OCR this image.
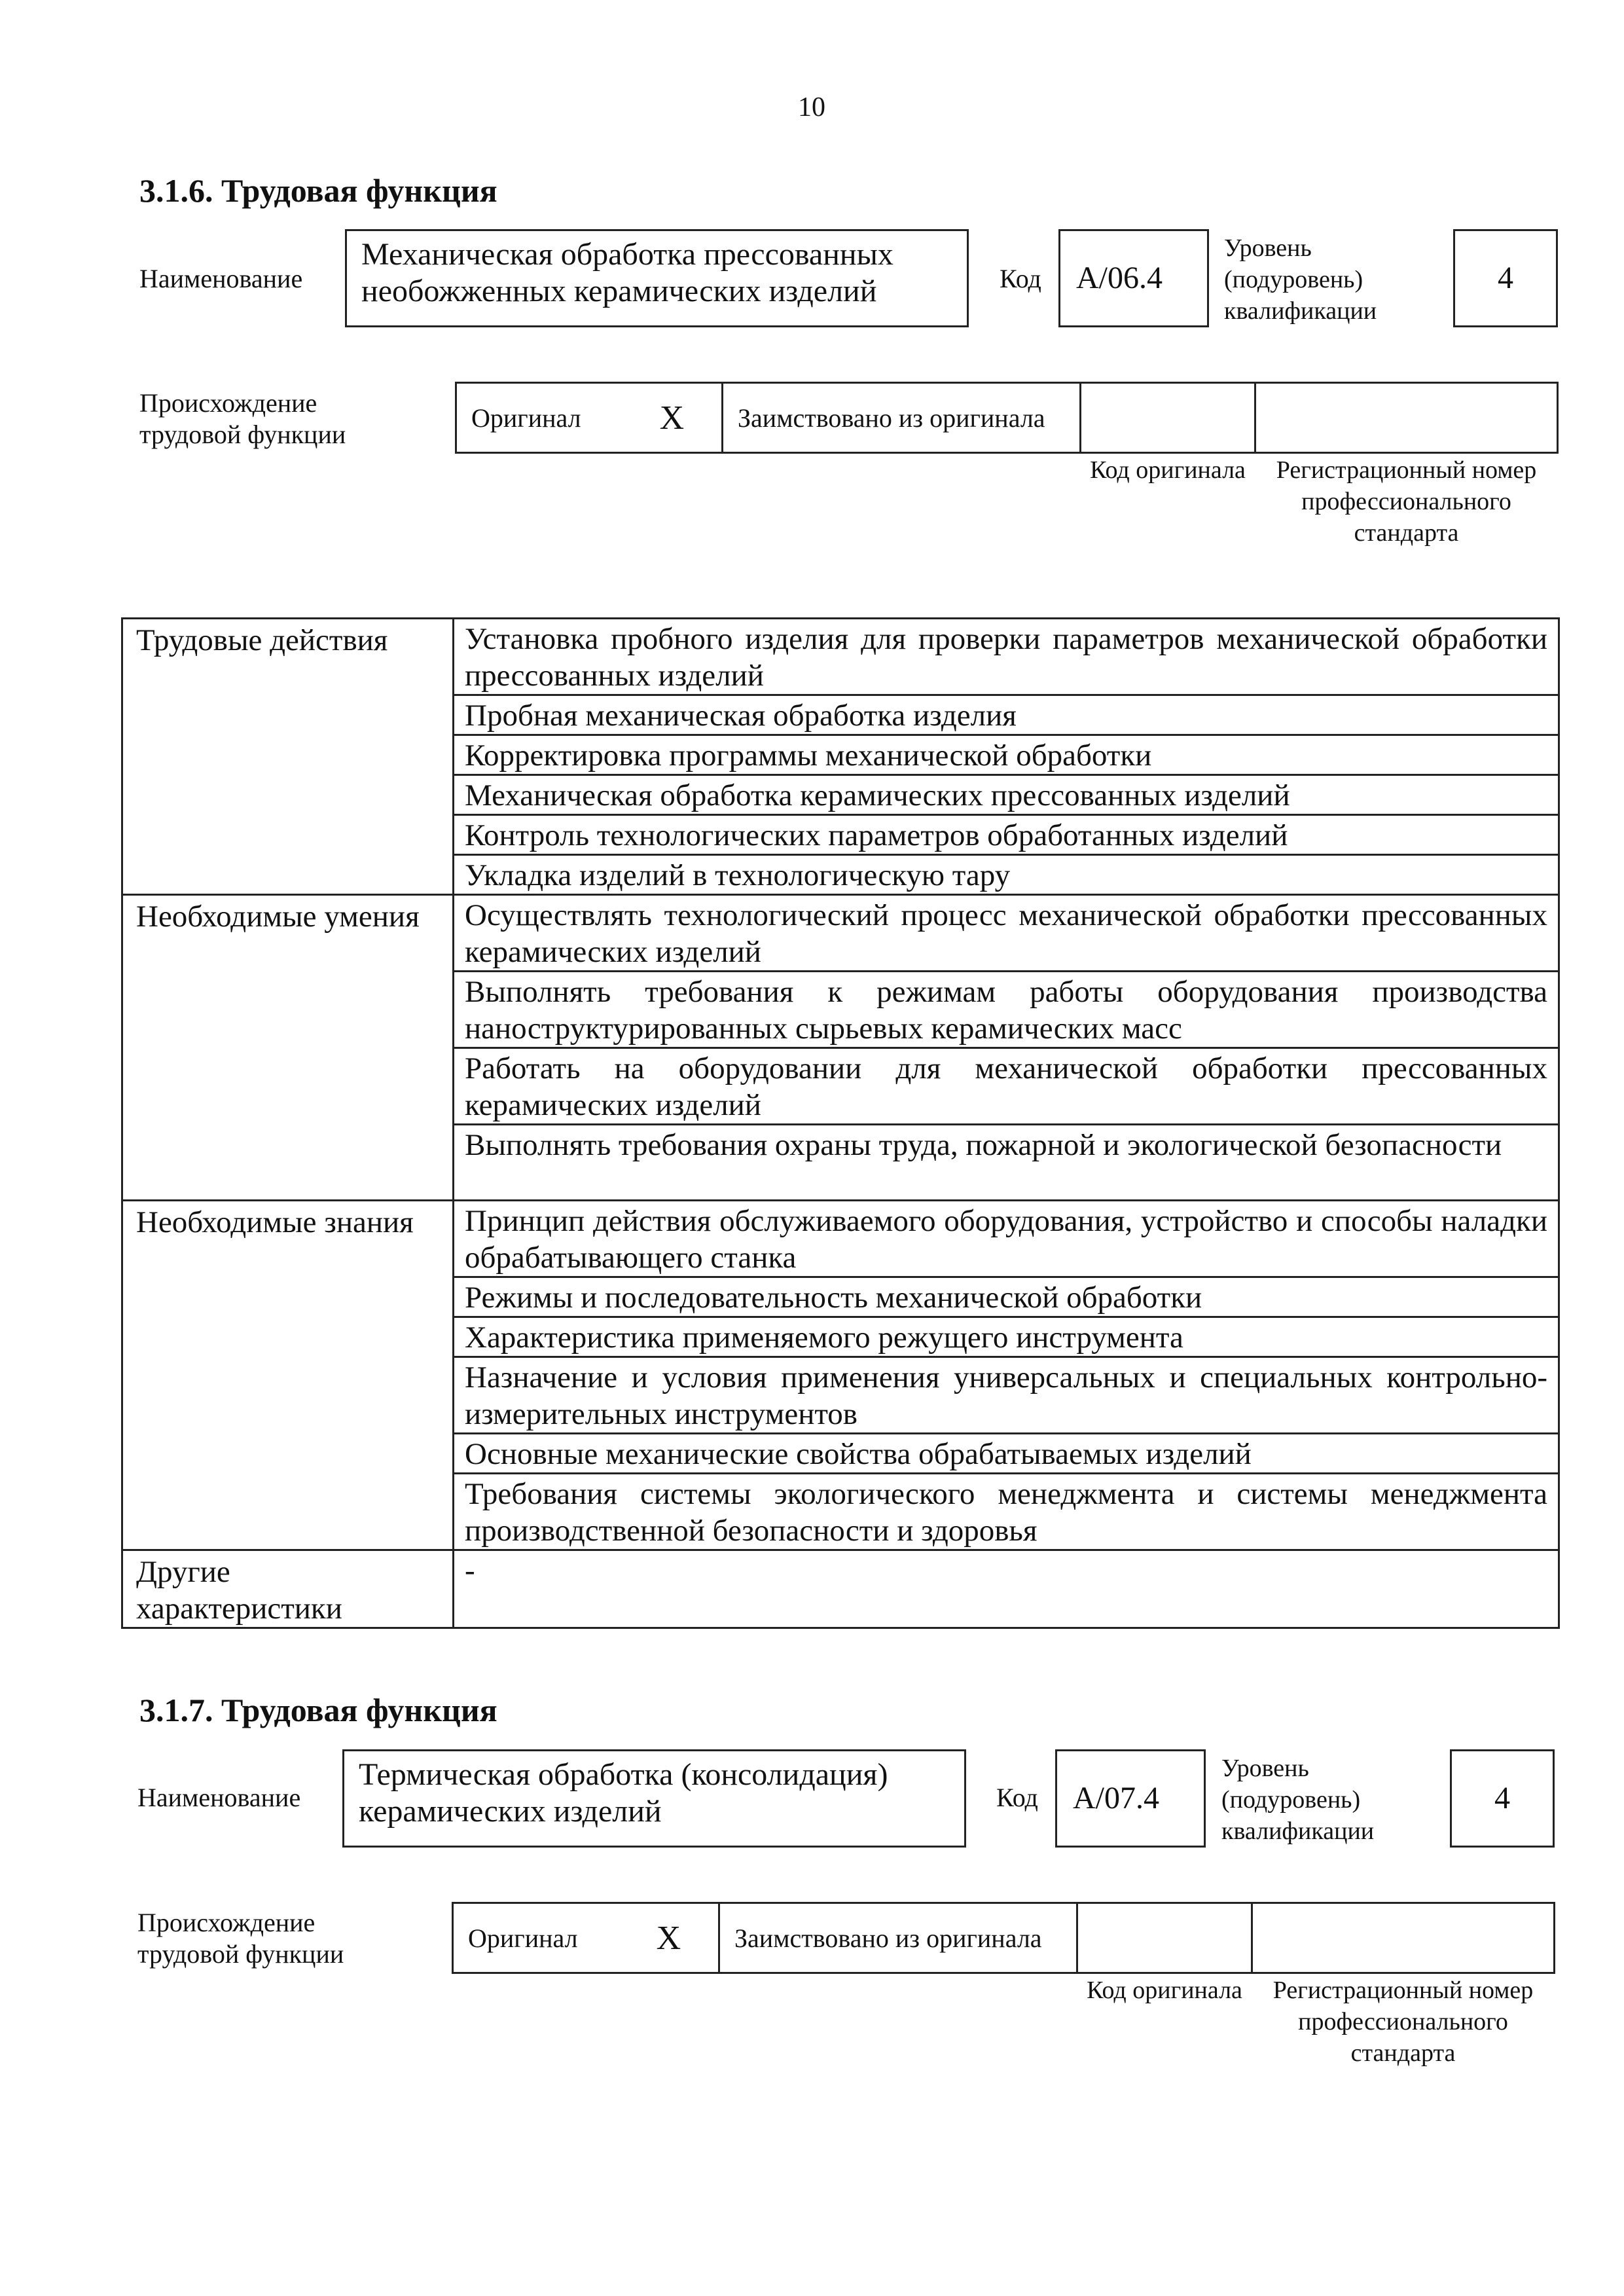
10
3.1.6. Трудовая функция
Наименование
Механическая обработка прессованных необожженных керамических изделий	Код А/06.4
Уровень (подуровень) квалификации
4
Происхождение трудовой функции
Оригинал X Заимствовано из оригинала
Код оригинала	Регистрационный номер профессионального стандарта
Трудовые действия	Установка пробного изделия для проверки параметров механической обработки прессованных изделий
	Пробная механическая обработка изделия
	Корректировка программы механической обработки
	Механическая обработка керамических прессованных изделий
	Контроль технологических параметров обработанных изделий
	Укладка изделий в технологическую тару
Необходимые умения	Осуществлять технологический процесс механической обработки прессованных керамических изделий
	Выполнять требования к режимам работы оборудования производства наноструктурированных сырьевых керамических масс
	Работать на оборудовании для механической обработки прессованных керамических изделий
	Выполнять требования охраны труда, пожарной и экологической безопасности
Необходимые знания	Принцип действия обслуживаемого оборудования, устройство и способы наладки обрабатывающего станка
	Режимы и последовательность механической обработки
	Характеристика применяемого режущего инструмента
	Назначение и условия применения универсальных и специальных контрольно-измерительных инструментов
	Основные механические свойства обрабатываемых изделий
	Требования системы экологического менеджмента и системы менеджмента производственной безопасности и здоровья
Другие характеристики	-
3.1.7. Трудовая функция
Наименование
Термическая обработка (консолидация) керамических изделий	Код А/07.4
Уровень (подуровень) квалификации
4
Происхождение трудовой функции
Оригинал X Заимствовано из оригинала
Код оригинала	Регистрационный номер профессионального стандарта
